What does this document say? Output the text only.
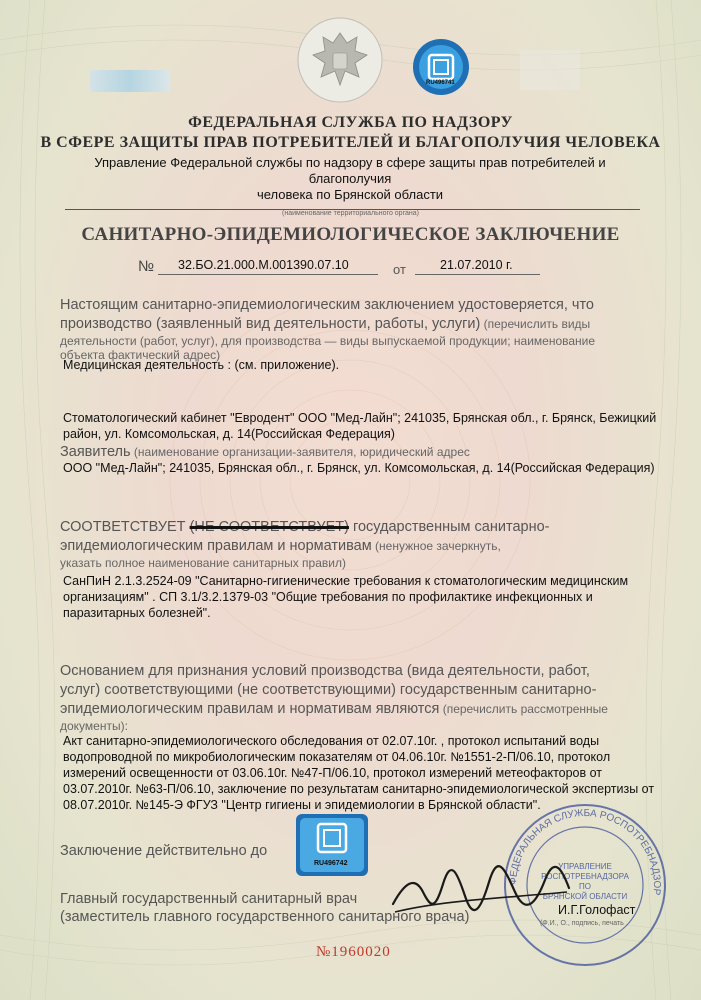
RU496741
ФЕДЕРАЛЬНАЯ СЛУЖБА ПО НАДЗОРУ
В СФЕРЕ ЗАЩИТЫ ПРАВ ПОТРЕБИТЕЛЕЙ И БЛАГОПОЛУЧИЯ ЧЕЛОВЕКА
Управление Федеральной службы по надзору в сфере защиты прав потребителей и благополучия
человека по Брянской области
(наименование территориального органа)
САНИТАРНО-ЭПИДЕМИОЛОГИЧЕСКОЕ ЗАКЛЮЧЕНИЕ
№ 32.БО.21.000.М.001390.07.10	от	21.07.2010 г.
Настоящим санитарно-эпидемиологическим заключением удостоверяется, что
производство (заявленный вид деятельности, работы, услуги) (перечислить виды
деятельности (работ, услуг), для производства — виды выпускаемой продукции; наименование
объекта фактический адрес)
Медицинская деятельность : (см. приложение).
Стоматологический кабинет "Евродент" ООО "Мед-Лайн"; 241035, Брянская обл., г. Брянск, Бежицкий
район, ул. Комсомольская, д. 14(Российская Федерация)
Заявитель (наименование организации-заявителя, юридический адрес
ООО "Мед-Лайн"; 241035, Брянская обл., г. Брянск, ул. Комсомольская, д. 14(Российская Федерация)
СООТВЕТСТВУЕТ (НЕ СООТВЕТСТВУЕТ) государственным санитарно-
эпидемиологическим правилам и нормативам (ненужное зачеркнуть,
указать полное наименование санитарных правил)
СанПиН 2.1.3.2524-09 "Санитарно-гигиенические требования к стоматологическим медицинским
организациям" . СП 3.1/3.2.1379-03 "Общие требования по профилактике инфекционных и
паразитарных болезней".
Основанием для признания условий производства (вида деятельности, работ,
услуг) соответствующими (не соответствующими) государственным санитарно-
эпидемиологическим правилам и нормативам являются (перечислить рассмотренные
документы):
Акт санитарно-эпидемиологического обследования от 02.07.10г. , протокол испытаний воды
водопроводной по микробиологическим показателям от 04.06.10г. №1551-2-П/06.10, протокол
измерений освещенности от 03.06.10г. №47-П/06.10, протокол измерений метеофакторов от
03.07.2010г. №63-П/06.10, заключение по результатам санитарно-эпидемиологической экспертизы от
08.07.2010г. №145-Э ФГУЗ "Центр гигиены и эпидемиологии в Брянской области".
RU496742
Заключение действительно до
Главный государственный санитарный врач
(заместитель главного государственного санитарного врача)
ФЕДЕРАЛЬНАЯ СЛУЖБА РОСПОТРЕБНАДЗОР
УПРАВЛЕНИЕ
РОСПОТРЕБНАДЗОРА
ПО
БРЯНСКОЙ ОБЛАСТИ
И.Г.Голофаст
(Ф.И., О., подпись, печать
№1960020
